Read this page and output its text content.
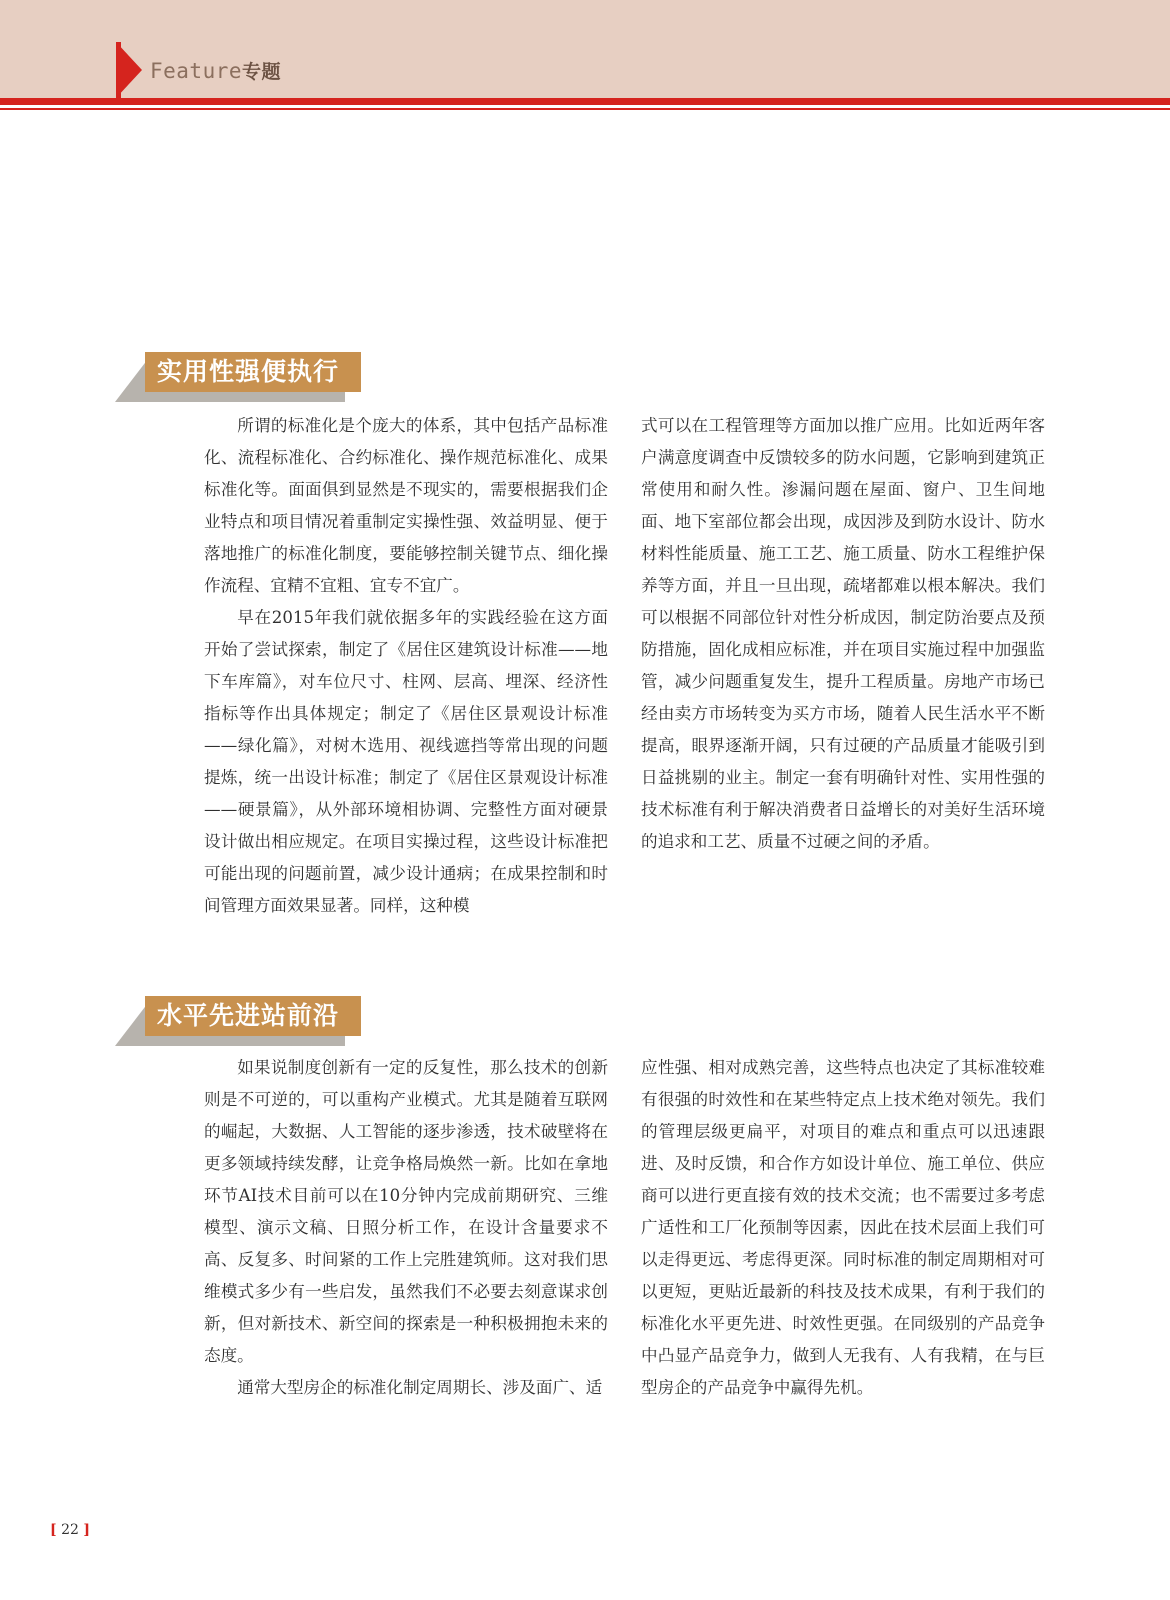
Feature专题
实用性强便执行

所谓的标准化是个庞大的体系，其中包括产品标准化、流程标准化、合约标准化、操作规范标准化、成果标准化等。面面俱到显然是不现实的，需要根据我们企业特点和项目情况着重制定实操性强、效益明显、便于落地推广的标准化制度，要能够控制关键节点、细化操作流程、宜精不宜粗、宜专不宜广。

早在2015年我们就依据多年的实践经验在这方面开始了尝试探索，制定了《居住区建筑设计标准——地下车库篇》，对车位尺寸、柱网、层高、埋深、经济性指标等作出具体规定；制定了《居住区景观设计标准——绿化篇》，对树木选用、视线遮挡等常出现的问题提炼，统一出设计标准；制定了《居住区景观设计标准——硬景篇》，从外部环境相协调、完整性方面对硬景设计做出相应规定。在项目实操过程，这些设计标准把可能出现的问题前置，减少设计通病；在成果控制和时间管理方面效果显著。同样，这种模

式可以在工程管理等方面加以推广应用。比如近两年客户满意度调查中反馈较多的防水问题，它影响到建筑正常使用和耐久性。渗漏问题在屋面、窗户、卫生间地面、地下室部位都会出现，成因涉及到防水设计、防水材料性能质量、施工工艺、施工质量、防水工程维护保养等方面，并且一旦出现，疏堵都难以根本解决。我们可以根据不同部位针对性分析成因，制定防治要点及预防措施，固化成相应标准，并在项目实施过程中加强监管，减少问题重复发生，提升工程质量。房地产市场已经由卖方市场转变为买方市场，随着人民生活水平不断提高，眼界逐渐开阔，只有过硬的产品质量才能吸引到日益挑剔的业主。制定一套有明确针对性、实用性强的技术标准有利于解决消费者日益增长的对美好生活环境的追求和工艺、质量不过硬之间的矛盾。

水平先进站前沿

如果说制度创新有一定的反复性，那么技术的创新则是不可逆的，可以重构产业模式。尤其是随着互联网的崛起，大数据、人工智能的逐步渗透，技术破壁将在更多领域持续发酵，让竞争格局焕然一新。比如在拿地环节AI技术目前可以在10分钟内完成前期研究、三维模型、演示文稿、日照分析工作，在设计含量要求不高、反复多、时间紧的工作上完胜建筑师。这对我们思维模式多少有一些启发，虽然我们不必要去刻意谋求创新，但对新技术、新空间的探索是一种积极拥抱未来的态度。

通常大型房企的标准化制定周期长、涉及面广、适

应性强、相对成熟完善，这些特点也决定了其标准较难有很强的时效性和在某些特定点上技术绝对领先。我们的管理层级更扁平，对项目的难点和重点可以迅速跟进、及时反馈，和合作方如设计单位、施工单位、供应商可以进行更直接有效的技术交流；也不需要过多考虑广适性和工厂化预制等因素，因此在技术层面上我们可以走得更远、考虑得更深。同时标准的制定周期相对可以更短，更贴近最新的科技及技术成果，有利于我们的标准化水平更先进、时效性更强。在同级别的产品竞争中凸显产品竞争力，做到人无我有、人有我精，在与巨型房企的产品竞争中赢得先机。

[ 22 ]
